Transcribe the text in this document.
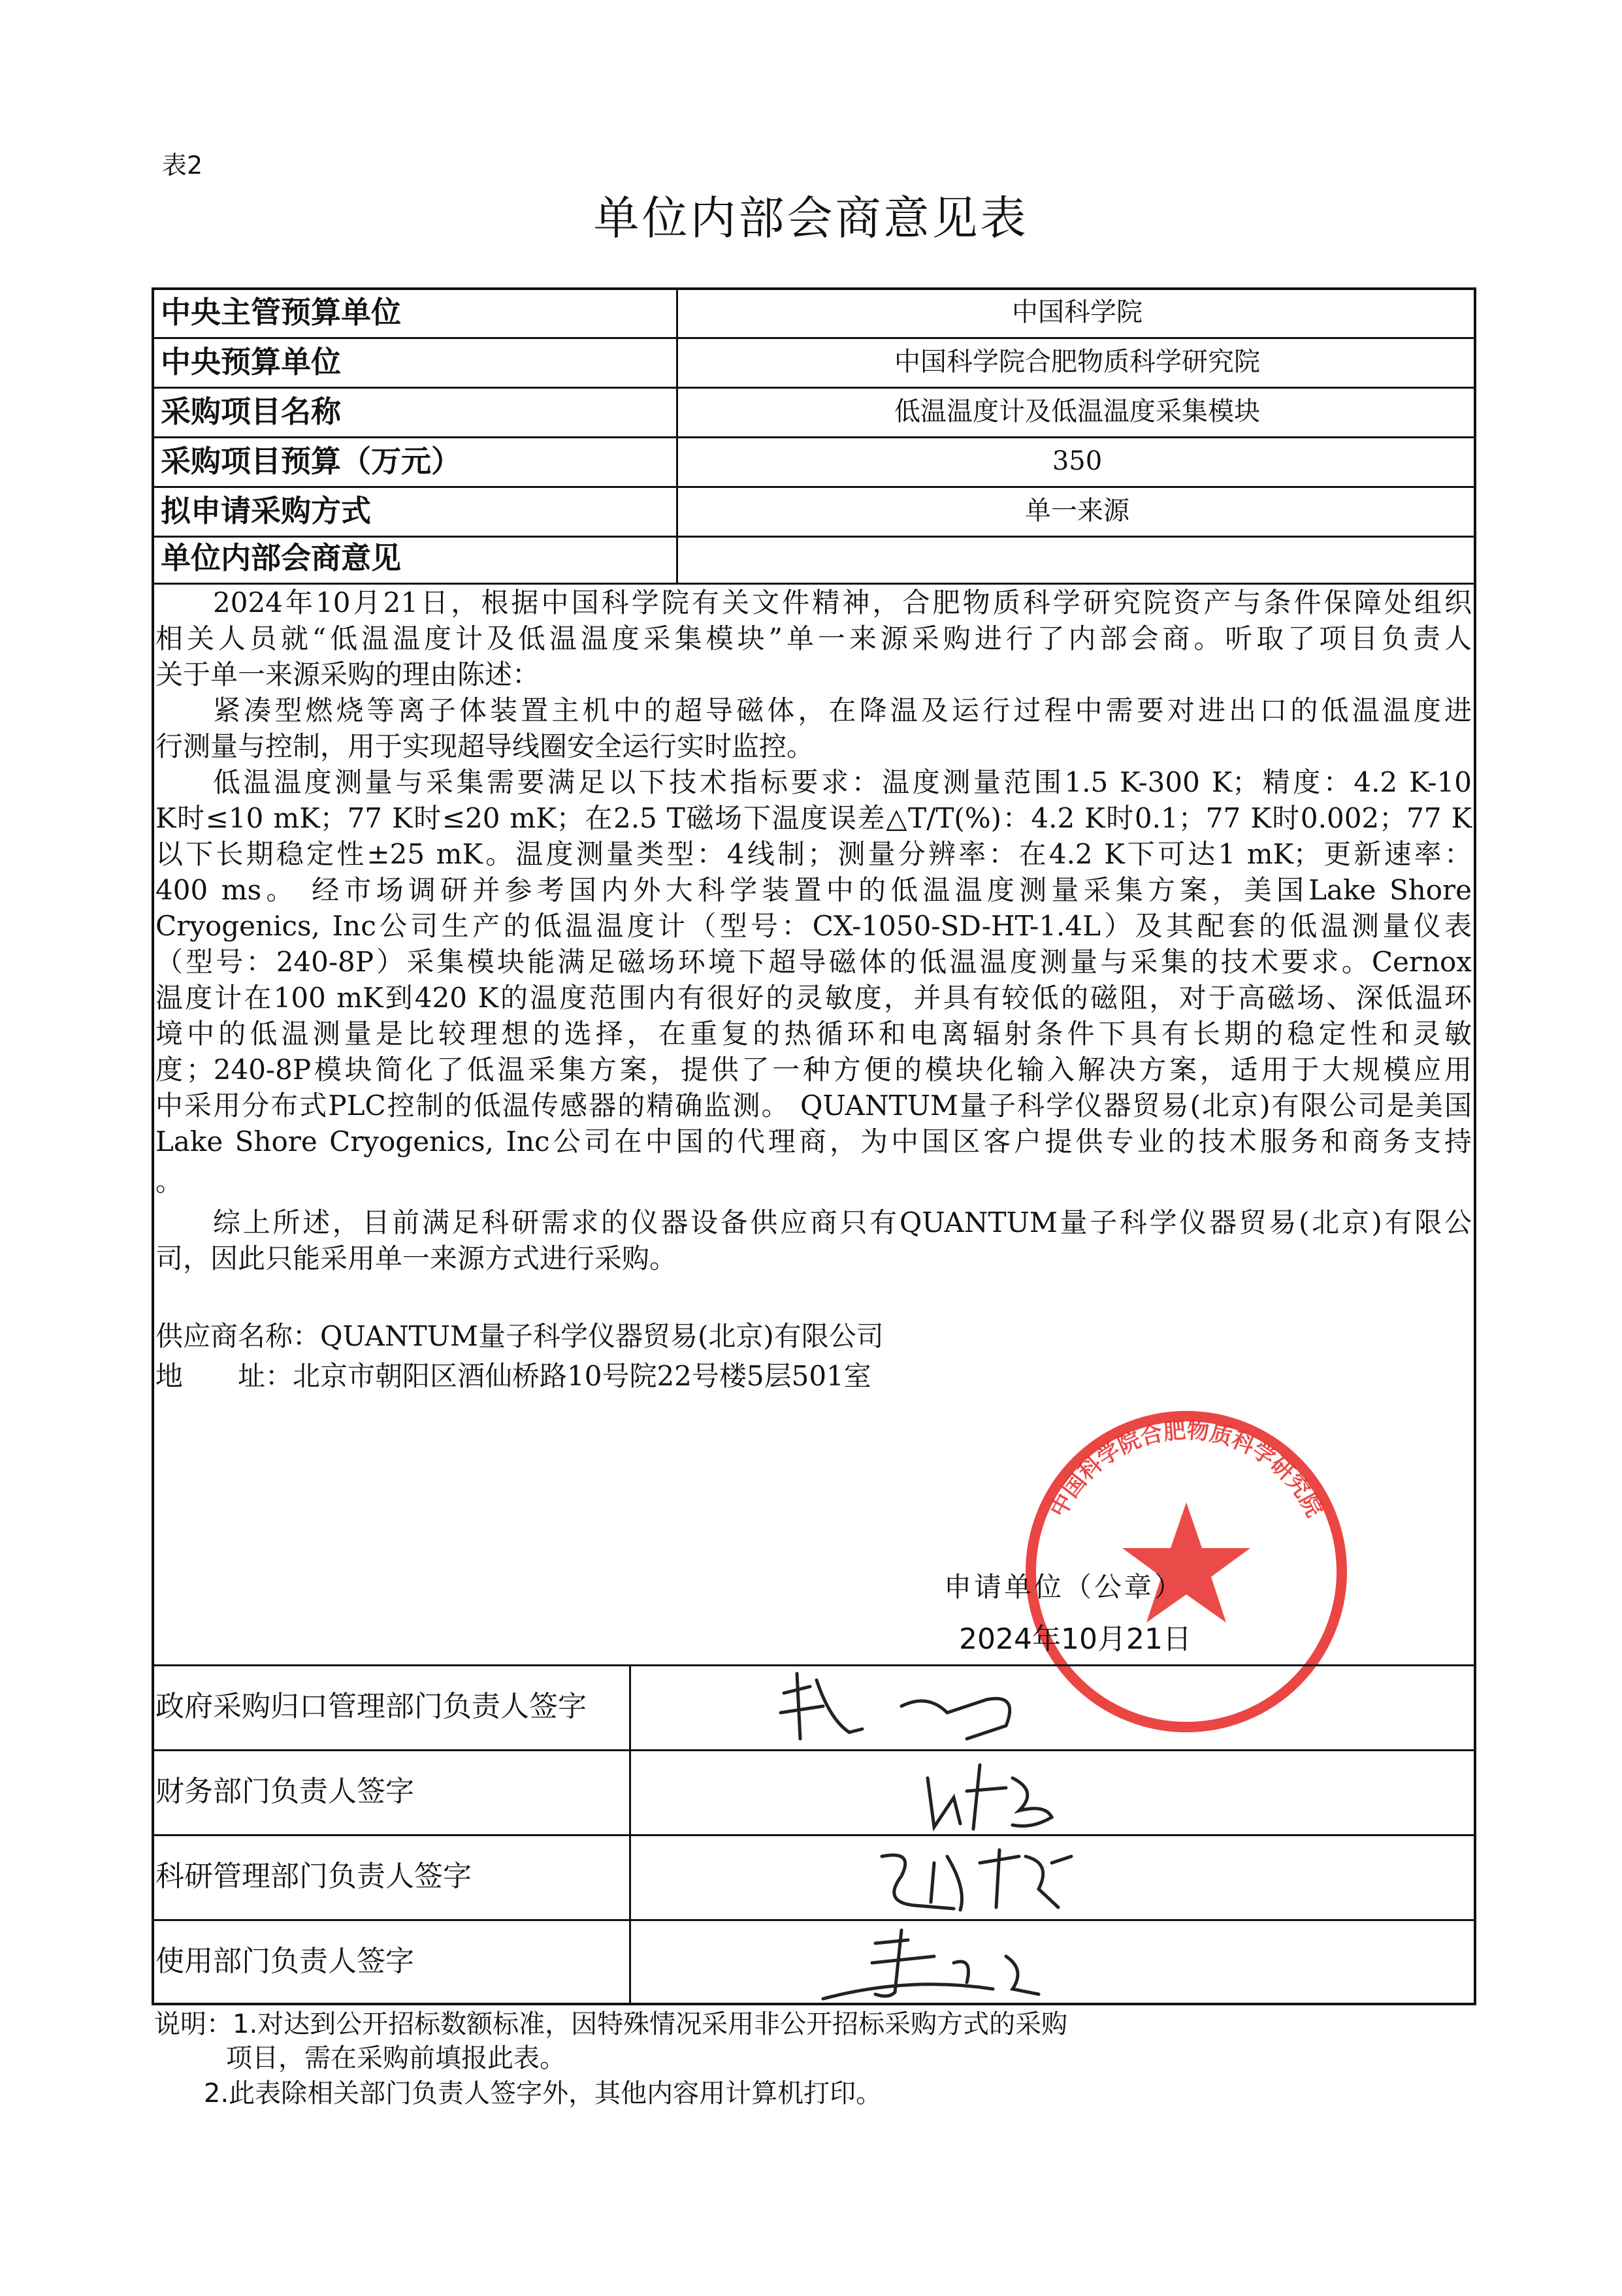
表2
单位内部会商意见表
中央主管预算单位	中国科学院
中央预算单位	中国科学院合肥物质科学研究院
采购项目名称	低温温度计及低温温度采集模块
采购项目预算（万元）	350
拟申请采购方式	单一来源
单位内部会商意见
2024年10月21日，根据中国科学院有关文件精神，合肥物质科学研究院资产与条件保障处组织
相关人员就“低温温度计及低温温度采集模块”单一来源采购进行了内部会商。听取了项目负责人
关于单一来源采购的理由陈述：
紧凑型燃烧等离子体装置主机中的超导磁体，在降温及运行过程中需要对进出口的低温温度进
行测量与控制，用于实现超导线圈安全运行实时监控。
低温温度测量与采集需要满足以下技术指标要求：温度测量范围1.5 K-300 K；精度：4.2 K-10
K时≤10 mK；77 K时≤20 mK；在2.5 T磁场下温度误差△T/T(%)：4.2 K时0.1；77 K时0.002；77 K
以下长期稳定性±25 mK。温度测量类型：4线制；测量分辨率：在4.2 K下可达1 mK；更新速率：
400 ms。 经市场调研并参考国内外大科学装置中的低温温度测量采集方案，美国Lake Shore
Cryogenics, Inc公司生产的低温温度计（型号：CX-1050-SD-HT-1.4L）及其配套的低温测量仪表
（型号：240-8P）采集模块能满足磁场环境下超导磁体的低温温度测量与采集的技术要求。Cernox
温度计在100 mK到420 K的温度范围内有很好的灵敏度，并具有较低的磁阻，对于高磁场、深低温环
境中的低温测量是比较理想的选择，在重复的热循环和电离辐射条件下具有长期的稳定性和灵敏
度；240-8P模块简化了低温采集方案，提供了一种方便的模块化输入解决方案，适用于大规模应用
中采用分布式PLC控制的低温传感器的精确监测。 QUANTUM量子科学仪器贸易(北京)有限公司是美国
Lake Shore Cryogenics, Inc公司在中国的代理商，为中国区客户提供专业的技术服务和商务支持
。
综上所述，目前满足科研需求的仪器设备供应商只有QUANTUM量子科学仪器贸易(北京)有限公
司，因此只能采用单一来源方式进行采购。
供应商名称：QUANTUM量子科学仪器贸易(北京)有限公司
地　　址：北京市朝阳区酒仙桥路10号院22号楼5层501室
中国科学院合肥物质科学研究院
申请单位（公章）
2024年10月21日
政府采购归口管理部门负责人签字
财务部门负责人签字
科研管理部门负责人签字
使用部门负责人签字
说明：1.对达到公开招标数额标准，因特殊情况采用非公开招标采购方式的采购
项目，需在采购前填报此表。
2.此表除相关部门负责人签字外，其他内容用计算机打印。
